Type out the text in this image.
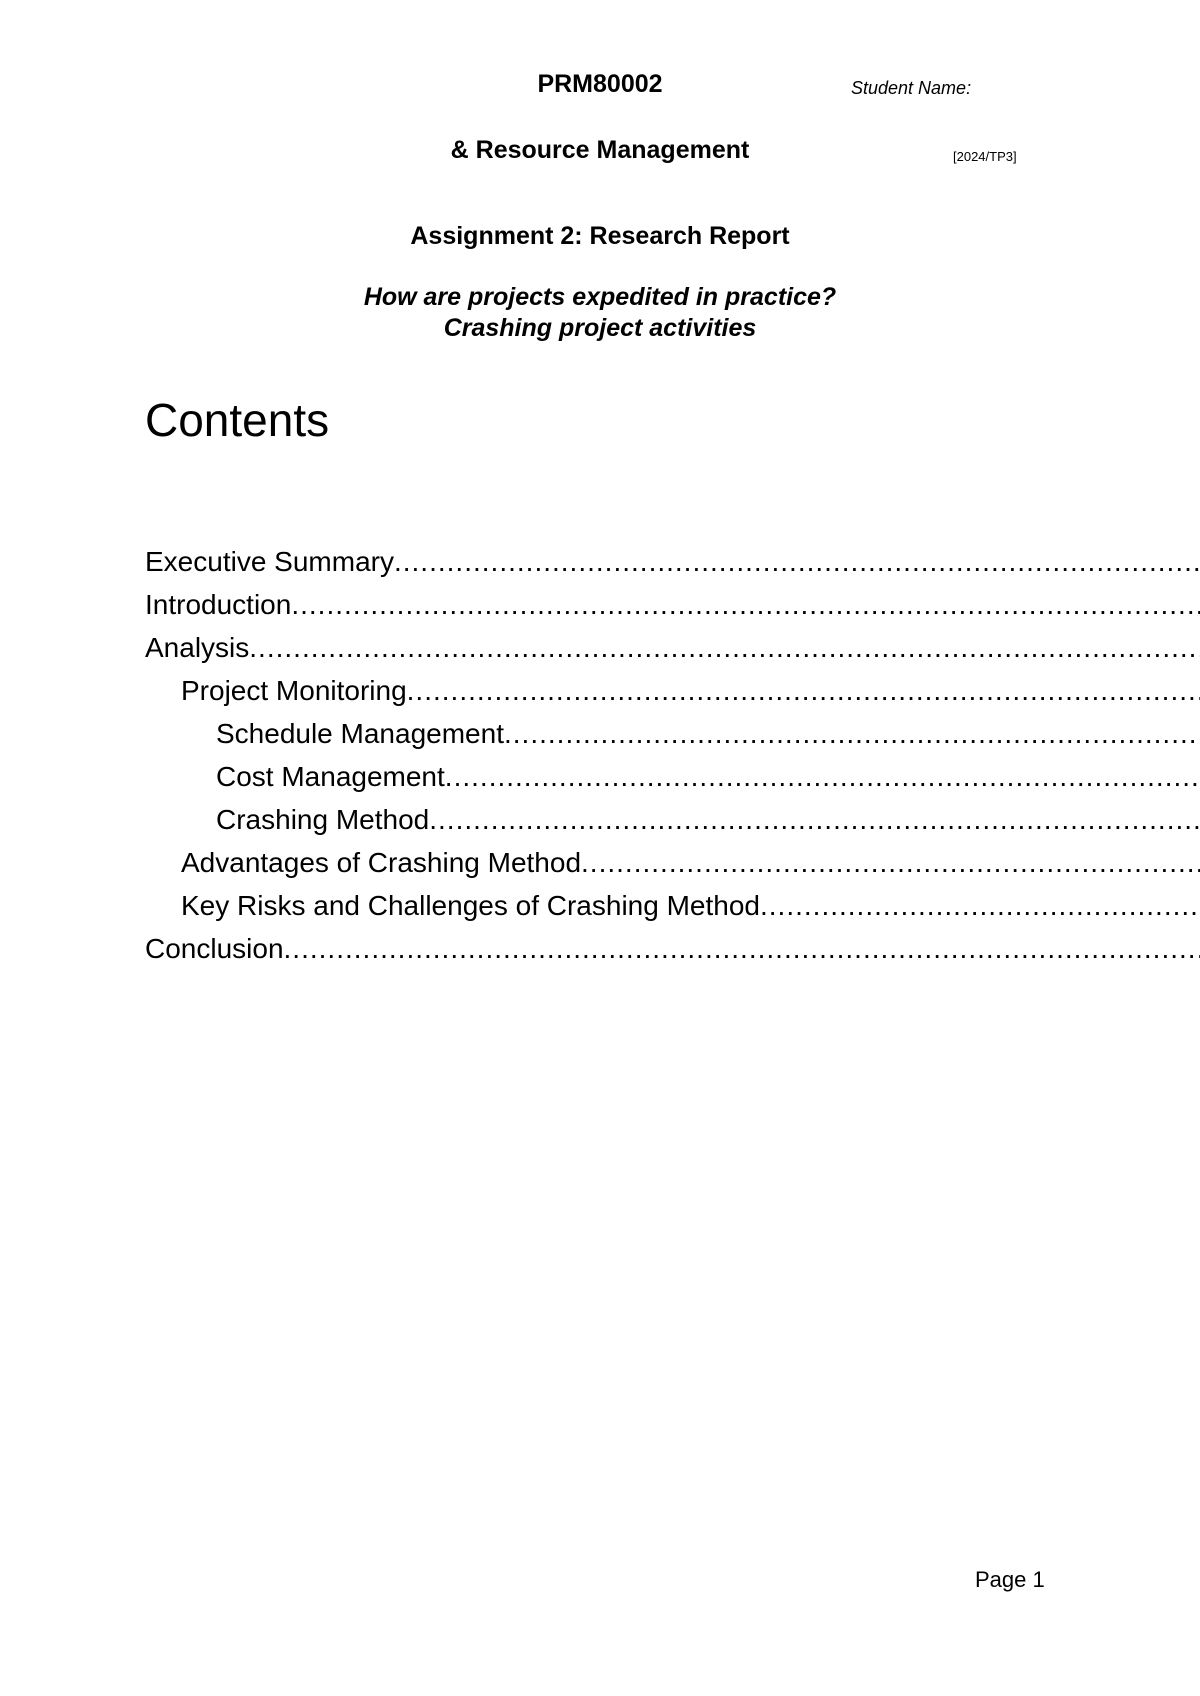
PRM80002	Student Name:
& Resource Management	[2024/TP3]
Assignment 2: Research Report
How are projects expedited in practice?
Crashing project activities
Contents
Executive Summary .....
Introduction .....
Analysis .....
Project Monitoring .....
Schedule Management .....
Cost Management .....
Crashing Method .....
Advantages of Crashing Method .....
Key Risks and Challenges of Crashing Method .....
Conclusion .....
Page 1
